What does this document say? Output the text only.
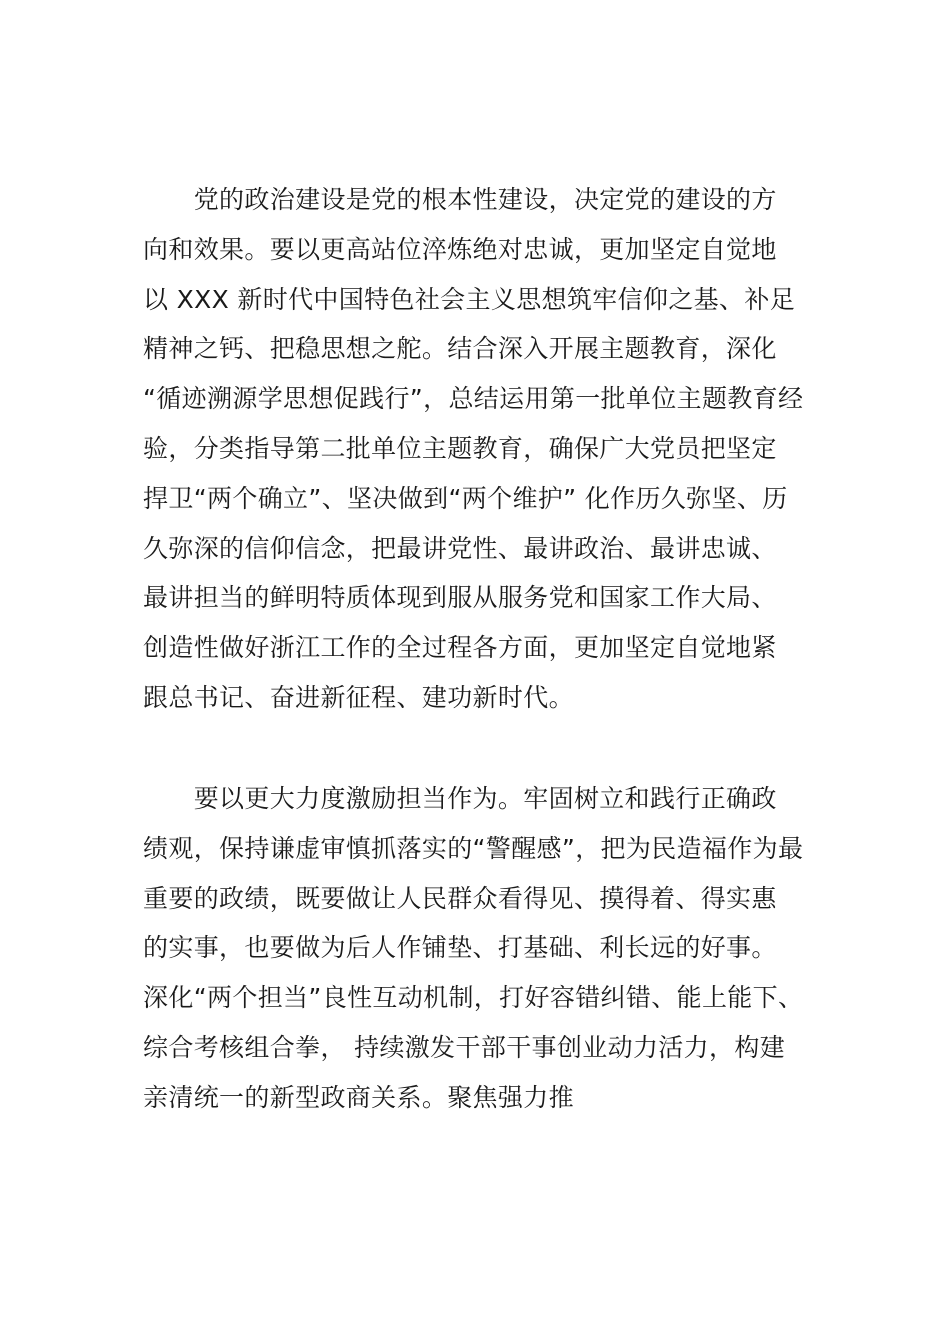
　　党的政治建设是党的根本性建设，决定党的建设的方
向和效果。要以更高站位淬炼绝对忠诚，更加坚定自觉地
以 XXX 新时代中国特色社会主义思想筑牢信仰之基、补足
精神之钙、把稳思想之舵。结合深入开展主题教育，深化
“循迹溯源学思想促践行”，总结运用第一批单位主题教育经
验，分类指导第二批单位主题教育，确保广大党员把坚定
捍卫“两个确立”、坚决做到“两个维护” 化作历久弥坚、历
久弥深的信仰信念，把最讲党性、最讲政治、最讲忠诚、
最讲担当的鲜明特质体现到服从服务党和国家工作大局、
创造性做好浙江工作的全过程各方面，更加坚定自觉地紧
跟总书记、奋进新征程、建功新时代。
　　要以更大力度激励担当作为。牢固树立和践行正确政
绩观，保持谦虚审慎抓落实的“警醒感”，把为民造福作为最
重要的政绩，既要做让人民群众看得见、摸得着、得实惠
的实事，也要做为后人作铺垫、打基础、利长远的好事。
深化“两个担当”良性互动机制，打好容错纠错、能上能下、
综合考核组合拳， 持续激发干部干事创业动力活力，构建
亲清统一的新型政商关系。聚焦强力推
